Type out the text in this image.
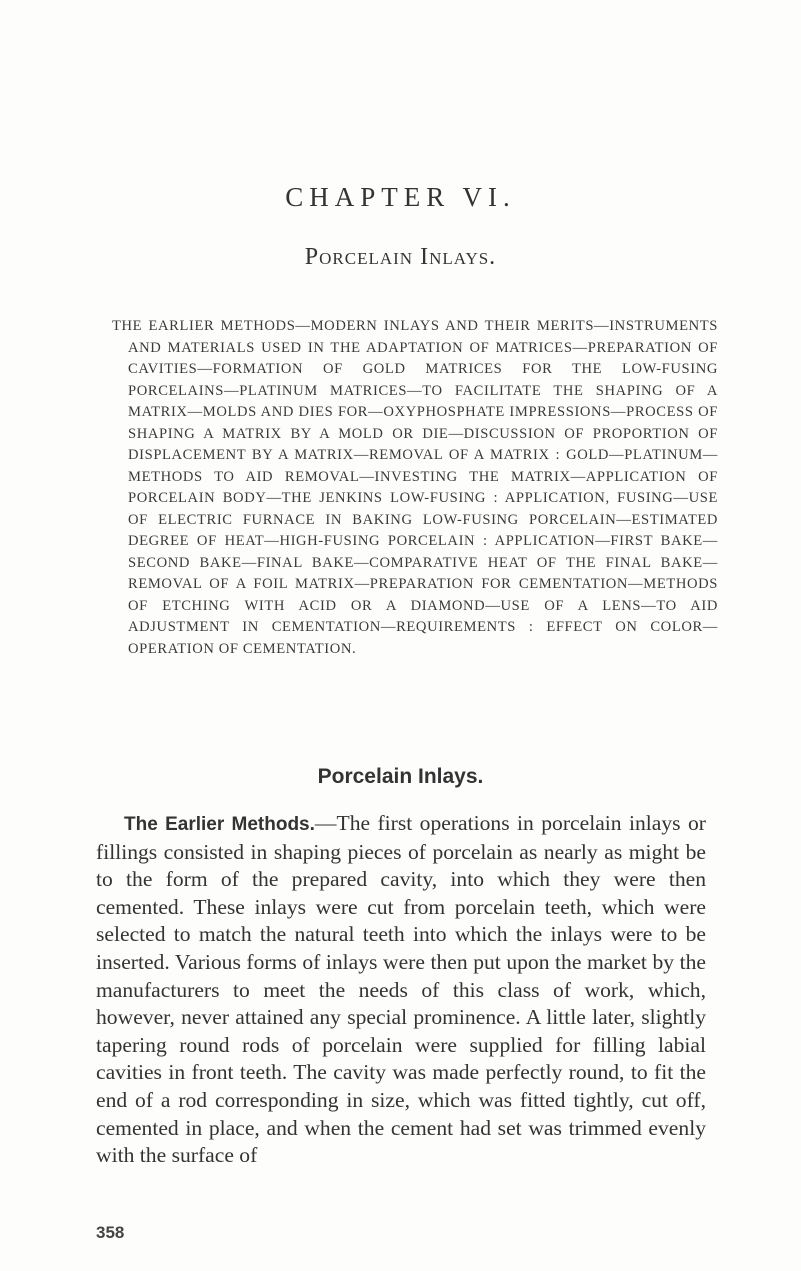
CHAPTER VI.
Porcelain Inlays.
THE EARLIER METHODS—MODERN INLAYS AND THEIR MERITS—INSTRUMENTS AND MATERIALS USED IN THE ADAPTATION OF MATRICES—PREPARATION OF CAVITIES—FORMATION OF GOLD MATRICES FOR THE LOW-FUSING PORCELAINS—PLATINUM MATRICES—TO FACILITATE THE SHAPING OF A MATRIX—MOLDS AND DIES FOR—OXYPHOSPHATE IMPRESSIONS—PROCESS OF SHAPING A MATRIX BY A MOLD OR DIE—DISCUSSION OF PROPORTION OF DISPLACEMENT BY A MATRIX—REMOVAL OF A MATRIX : GOLD—PLATINUM—METHODS TO AID REMOVAL—INVESTING THE MATRIX—APPLICATION OF PORCELAIN BODY—THE JENKINS LOW-FUSING : APPLICATION, FUSING—USE OF ELECTRIC FURNACE IN BAKING LOW-FUSING PORCELAIN—ESTIMATED DEGREE OF HEAT—HIGH-FUSING PORCELAIN : APPLICATION—FIRST BAKE—SECOND BAKE—FINAL BAKE—COMPARATIVE HEAT OF THE FINAL BAKE—REMOVAL OF A FOIL MATRIX—PREPARATION FOR CEMENTATION—METHODS OF ETCHING WITH ACID OR A DIAMOND—USE OF A LENS—TO AID ADJUSTMENT IN CEMENTATION—REQUIREMENTS : EFFECT ON COLOR—OPERATION OF CEMENTATION.
Porcelain Inlays.
The Earlier Methods.—The first operations in porcelain inlays or fillings consisted in shaping pieces of porcelain as nearly as might be to the form of the prepared cavity, into which they were then cemented. These inlays were cut from porcelain teeth, which were selected to match the natural teeth into which the inlays were to be inserted. Various forms of inlays were then put upon the market by the manufacturers to meet the needs of this class of work, which, however, never attained any special prominence. A little later, slightly tapering round rods of porcelain were supplied for filling labial cavities in front teeth. The cavity was made perfectly round, to fit the end of a rod corresponding in size, which was fitted tightly, cut off, cemented in place, and when the cement had set was trimmed evenly with the surface of
358
